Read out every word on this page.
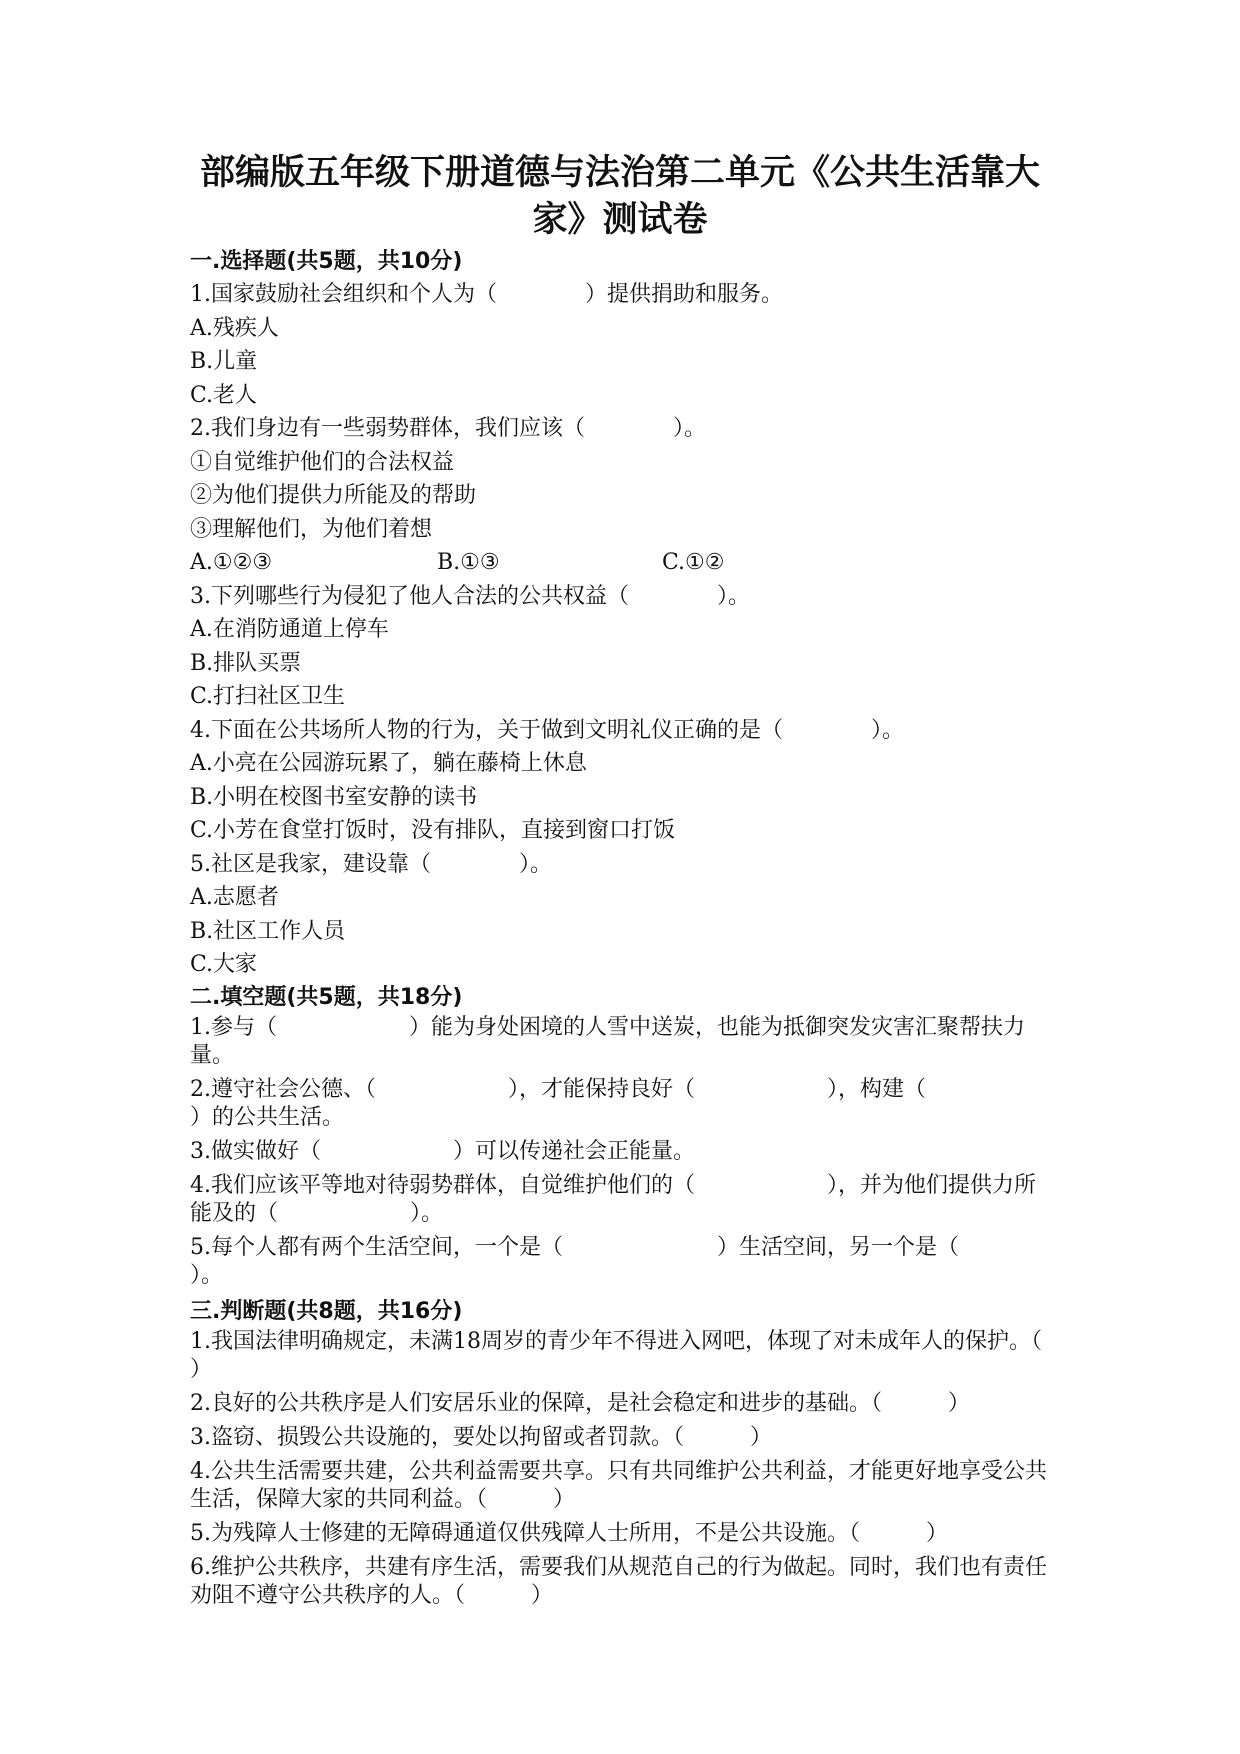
部编版五年级下册道德与法治第二单元《公共生活靠大家》测试卷
一.选择题(共5题，共10分)

1.国家鼓励社会组织和个人为（　　　　）提供捐助和服务。

A.残疾人

B.儿童

C.老人

2.我们身边有一些弱势群体，我们应该（　　　　）。

①自觉维护他们的合法权益

②为他们提供力所能及的帮助

③理解他们，为他们着想

A.①②③	B.①③	C.①②

3.下列哪些行为侵犯了他人合法的公共权益（　　　　）。

A.在消防通道上停车

B.排队买票

C.打扫社区卫生

4.下面在公共场所人物的行为，关于做到文明礼仪正确的是（　　　　）。

A.小亮在公园游玩累了，躺在藤椅上休息

B.小明在校图书室安静的读书

C.小芳在食堂打饭时，没有排队，直接到窗口打饭

5.社区是我家，建设靠（　　　　）。

A.志愿者

B.社区工作人员

C.大家

二.填空题(共5题，共18分)

1.参与（　　　　　　）能为身处困境的人雪中送炭，也能为抵御突发灾害汇聚帮扶力量。

2.遵守社会公德、（　　　　　　），才能保持良好（　　　　　　），构建（　　　　　　）的公共生活。

3.做实做好（　　　　　　）可以传递社会正能量。

4.我们应该平等地对待弱势群体，自觉维护他们的（　　　　　　），并为他们提供力所能及的（　　　　　　）。

5.每个人都有两个生活空间，一个是（　　　　　　　）生活空间，另一个是（　　　　　　　）。

三.判断题(共8题，共16分)

1.我国法律明确规定，未满18周岁的青少年不得进入网吧，体现了对未成年人的保护。（　　　）

2.良好的公共秩序是人们安居乐业的保障，是社会稳定和进步的基础。（　　　）

3.盗窃、损毁公共设施的，要处以拘留或者罚款。（　　　）

4.公共生活需要共建，公共利益需要共享。只有共同维护公共利益，才能更好地享受公共生活，保障大家的共同利益。（　　　）

5.为残障人士修建的无障碍通道仅供残障人士所用，不是公共设施。（　　　）

6.维护公共秩序，共建有序生活，需要我们从规范自己的行为做起。同时，我们也有责任劝阻不遵守公共秩序的人。（　　　）
